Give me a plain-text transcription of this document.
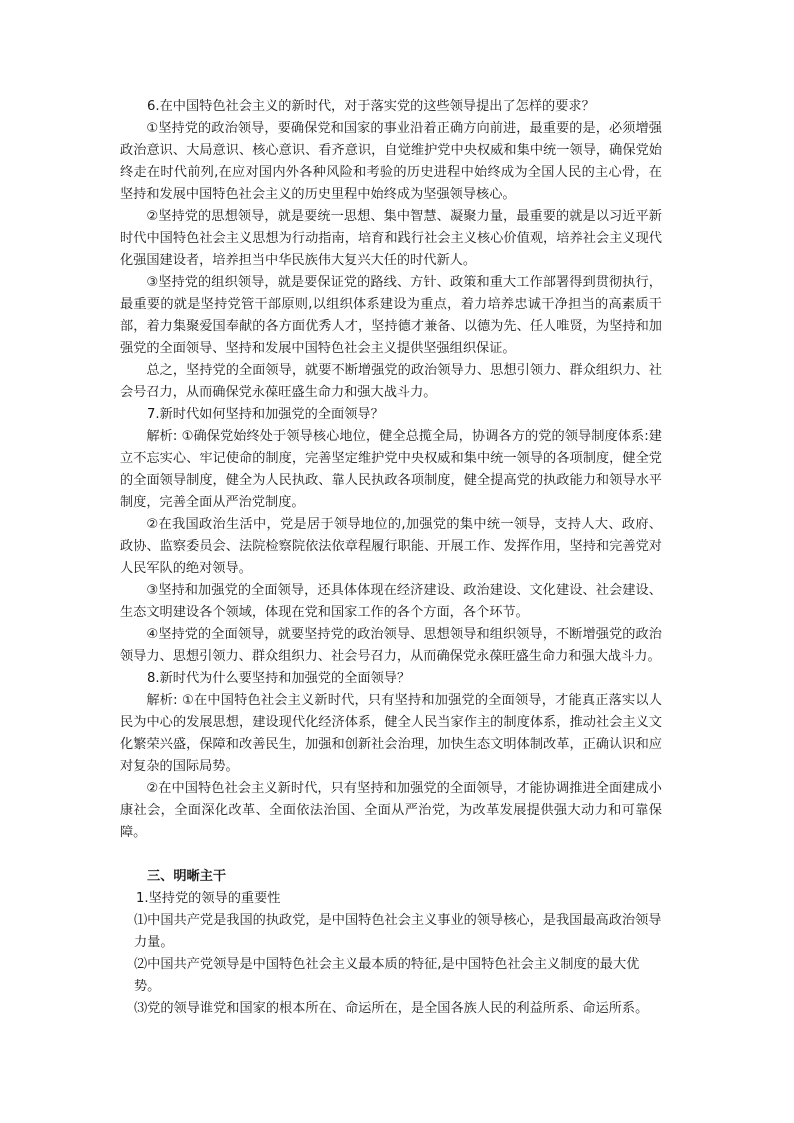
6.在中国特色社会主义的新时代，对于落实党的这些领导提出了怎样的要求？

①坚持党的政治领导，要确保党和国家的事业沿着正确方向前进，最重要的是，必须增强政治意识、大局意识、核心意识、看齐意识，自觉维护党中央权威和集中统一领导，确保党始终走在时代前列,在应对国内外各种风险和考验的历史进程中始终成为全国人民的主心骨，在坚持和发展中国特色社会主义的历史里程中始终成为坚强领导核心。

②坚持党的思想领导，就是要统一思想、集中智慧、凝聚力量，最重要的就是以习近平新时代中国特色社会主义思想为行动指南，培育和践行社会主义核心价值观，培养社会主义现代化强国建设者，培养担当中华民族伟大复兴大任的时代新人。

③坚持党的组织领导，就是要保证党的路线、方针、政策和重大工作部署得到贯彻执行，最重要的就是坚持党管干部原则,以组织体系建设为重点，着力培养忠诚干净担当的高素质干部，着力集聚爱国奉献的各方面优秀人才，坚持德才兼备、以德为先、任人唯贤，为坚持和加强党的全面领导、坚持和发展中国特色社会主义提供坚强组织保证。

总之，坚持党的全面领导，就要不断增强党的政治领导力、思想引领力、群众组织力、社会号召力，从而确保党永葆旺盛生命力和强大战斗力。

7.新时代如何坚持和加强党的全面领导？

解析: ①确保党始终处于领导核心地位，健全总揽全局，协调各方的党的领导制度体系:建立不忘实心、牢记使命的制度，完善坚定维护党中央权威和集中统一领导的各项制度，健全党的全面领导制度，健全为人民执政、靠人民执政各项制度，健全提高党的执政能力和领导水平制度，完善全面从严治党制度。

②在我国政治生活中，党是居于领导地位的,加强党的集中统一领导，支持人大、政府、政协、监察委员会、法院检察院依法依章程履行职能、开展工作、发挥作用，坚持和完善党对人民军队的绝对领导。

③坚持和加强党的全面领导，还具体体现在经济建设、政治建设、文化建设、社会建设、生态文明建设各个领域，体现在党和国家工作的各个方面，各个环节。

④坚持党的全面领导，就要坚持党的政治领导、思想领导和组织领导，不断增强党的政治领导力、思想引领力、群众组织力、社会号召力，从而确保党永葆旺盛生命力和强大战斗力。

8.新时代为什么要坚持和加强党的全面领导？

解析: ①在中国特色社会主义新时代，只有坚持和加强党的全面领导，才能真正落实以人民为中心的发展思想，建设现代化经济体系，健全人民当家作主的制度体系，推动社会主义文化繁荣兴盛，保障和改善民生，加强和创新社会治理，加快生态文明体制改革，正确认识和应对复杂的国际局势。

②在中国特色社会主义新时代，只有坚持和加强党的全面领导，才能协调推进全面建成小康社会，全面深化改革、全面依法治国、全面从严治党，为改革发展提供强大动力和可靠保障。

三、明晰主干

1.坚持党的领导的重要性

⑴中国共产党是我国的执政党，是中国特色社会主义事业的领导核心，是我国最高政治领导力量。

⑵中国共产党领导是中国特色社会主义最本质的特征,是中国特色社会主义制度的最大优势。

⑶党的领导谁党和国家的根本所在、命运所在，是全国各族人民的利益所系、命运所系。
